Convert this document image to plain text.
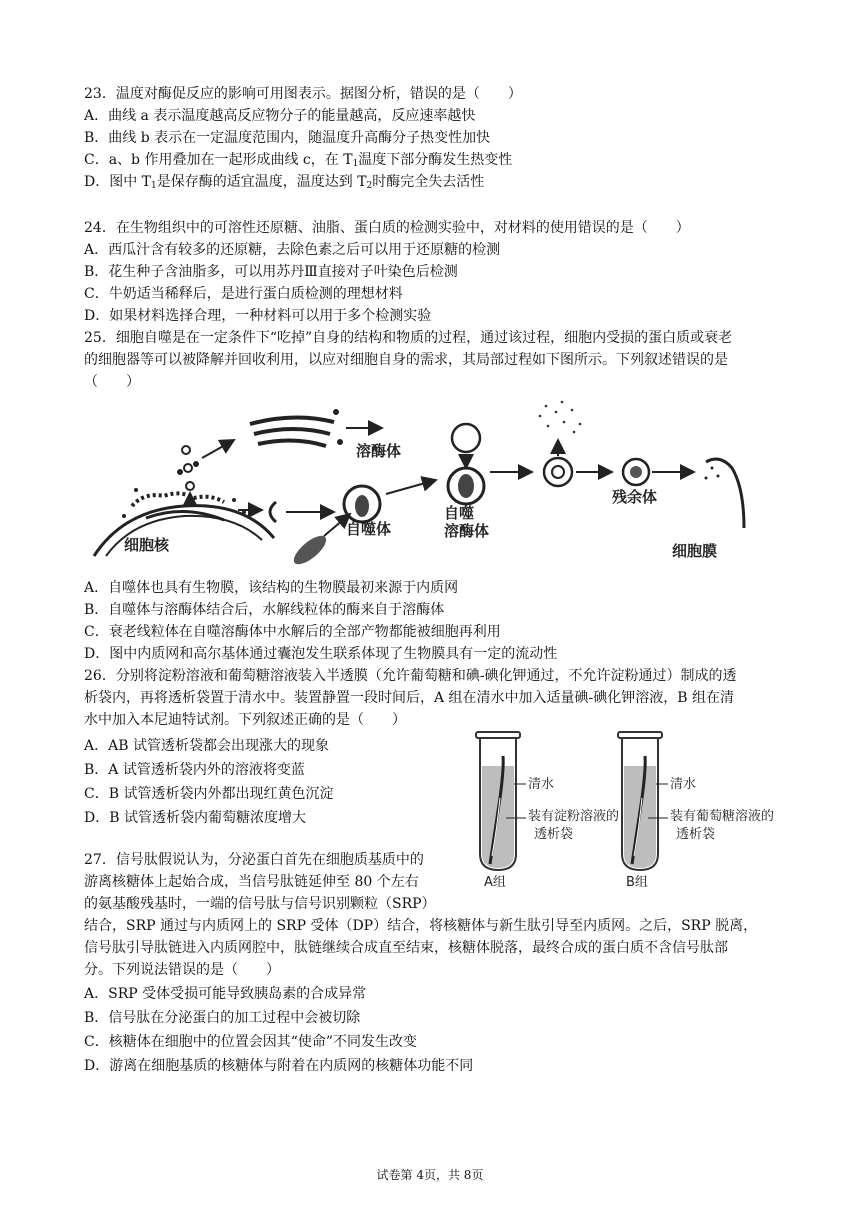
23．温度对酶促反应的影响可用图表示。据图分析，错误的是（　　）
A．曲线 a 表示温度越高反应物分子的能量越高，反应速率越快
B．曲线 b 表示在一定温度范围内，随温度升高酶分子热变性加快
C．a、b 作用叠加在一起形成曲线 c，在 $T_1$温度下部分酶发生热变性
D．图中 $T_1$是保存酶的适宜温度，温度达到 $T_2$时酶完全失去活性
24．在生物组织中的可溶性还原糖、油脂、蛋白质的检测实验中，对材料的使用错误的是（　　）
A．西瓜汁含有较多的还原糖，去除色素之后可以用于还原糖的检测
B．花生种子含油脂多，可以用苏丹Ⅲ直接对子叶染色后检测
C．牛奶适当稀释后，是进行蛋白质检测的理想材料
D．如果材料选择合理，一种材料可以用于多个检测实验
25．细胞自噬是在一定条件下“吃掉”自身的结构和物质的过程，通过该过程，细胞内受损的蛋白质或衰老
的细胞器等可以被降解并回收利用，以应对细胞自身的需求，其局部过程如下图所示。下列叙述错误的是
（　　）
细胞核
溶酶体
自噬体
自噬
溶酶体
残余体
细胞膜
A．自噬体也具有生物膜，该结构的生物膜最初来源于内质网
B．自噬体与溶酶体结合后，水解线粒体的酶来自于溶酶体
C．衰老线粒体在自噬溶酶体中水解后的全部产物都能被细胞再利用
D．图中内质网和高尔基体通过囊泡发生联系体现了生物膜具有一定的流动性
26．分别将淀粉溶液和葡萄糖溶液装入半透膜（允许葡萄糖和碘-碘化钾通过，不允许淀粉通过）制成的透
析袋内，再将透析袋置于清水中。装置静置一段时间后，A 组在清水中加入适量碘-碘化钾溶液，B 组在清
水中加入本尼迪特试剂。下列叙述正确的是（　　）
A．AB 试管透析袋都会出现涨大的现象
B．A 试管透析袋内外的溶液将变蓝
C．B 试管透析袋内外都出现红黄色沉淀
D．B 试管透析袋内葡萄糖浓度增大
清水
装有淀粉溶液的
透析袋
A组
清水
装有葡萄糖溶液的
透析袋
B组
27．信号肽假说认为，分泌蛋白首先在细胞质基质中的
游离核糖体上起始合成，当信号肽链延伸至 80 个左右
的氨基酸残基时，一端的信号肽与信号识别颗粒（SRP）
结合，SRP 通过与内质网上的 SRP 受体（DP）结合，将核糖体与新生肽引导至内质网。之后，SRP 脱离，
信号肽引导肽链进入内质网腔中，肽链继续合成直至结束，核糖体脱落，最终合成的蛋白质不含信号肽部
分。下列说法错误的是（　　）
A．SRP 受体受损可能导致胰岛素的合成异常
B．信号肽在分泌蛋白的加工过程中会被切除
C．核糖体在细胞中的位置会因其“使命”不同发生改变
D．游离在细胞基质的核糖体与附着在内质网的核糖体功能不同
试卷第 4页，共 8页
